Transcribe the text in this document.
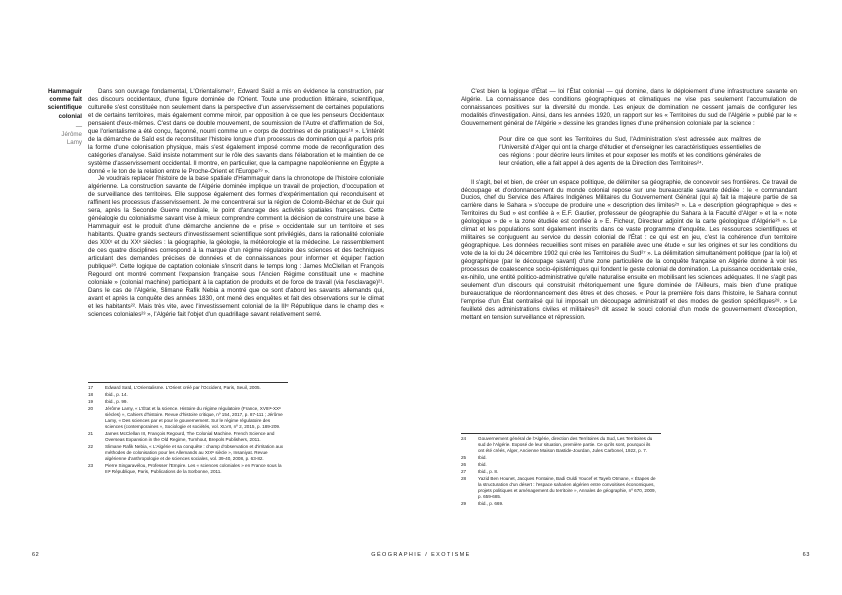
Hammaguir comme fait scientifique colonial
—
Jérôme
Lamy

Dans son ouvrage fondamental, L'Orientalisme¹⁷, Edward Saïd a mis en évidence la construction, par des discours occidentaux, d'une figure dominée de l'Orient. Toute une production littéraire, scientifique, culturelle s'est constituée non seulement dans la perspective d'un asservissement de certaines populations et de certains territoires, mais également comme miroir, par opposition à ce que les penseurs Occidentaux pensaient d'eux-mêmes. C'est dans ce double mouvement, de soumission de l'Autre et d'affirmation de Soi, que l'orientalisme a été conçu, façonné, nourri comme un « corps de doctrines et de pratiques¹⁸ ». L'intérêt de la démarche de Saïd est de reconstituer l'histoire longue d'un processus de domination qui a parfois pris la forme d'une colonisation physique, mais s'est également imposé comme mode de reconfiguration des catégories d'analyse. Saïd insiste notamment sur le rôle des savants dans l'élaboration et le maintien de ce système d'asservissement occidental. Il montre, en particulier, que la campagne napoléonienne en Égypte a donné « le ton de la relation entre le Proche-Orient et l'Europe¹⁹ ».

Je voudrais replacer l'histoire de la base spatiale d'Hammaguir dans la chronotope de l'histoire coloniale algérienne. La construction savante de l'Algérie dominée implique un travail de projection, d'occupation et de surveillance des territoires. Elle suppose également des formes d'expérimentation qui reconduisent et raffinent les processus d'asservissement. Je me concentrerai sur la région de Colomb-Béchar et de Guir qui sera, après la Seconde Guerre mondiale, le point d'ancrage des activités spatiales françaises. Cette généalogie du colonialisme savant vise à mieux comprendre comment la décision de construire une base à Hammaguir est le produit d'une démarche ancienne de « prise » occidentale sur un territoire et ses habitants. Quatre grands secteurs d'investissement scientifique sont privilégiés, dans la rationalité coloniale des XIXᵉ et du XXᵉ siècles : la géographie, la géologie, la météorologie et la médecine. Le rassemblement de ces quatre disciplines correspond à la marque d'un régime régulatoire des sciences et des techniques articulant des demandes précises de données et de connaissances pour informer et équiper l'action publique²⁰. Cette logique de captation coloniale s'inscrit dans le temps long : James McClellan et François Regourd ont montré comment l'expansion française sous l'Ancien Régime constituait une « machine coloniale » (colonial machine) participant à la captation de produits et de force de travail (via l'esclavage)²¹. Dans le cas de l'Algérie, Slimane Rafik Nebia a montré que ce sont d'abord les savants allemands qui, avant et après la conquête des années 1830, ont mené des enquêtes et fait des observations sur le climat et les habitants²². Mais très vite, avec l'investissement colonial de la IIIᵉ République dans le champ des « sciences coloniales²³ », l'Algérie fait l'objet d'un quadrillage savant relativement serré.

17	Edward Saïd, L'Orientalisme. L'Orient créé par l'Occident, Paris, Seuil, 2005.
18	Ibid., p. 14.
19	Ibid., p. 99.
20	Jérôme Lamy, « L'État et la science. Histoire du régime régulatoire (France, XVIIIᵉ-XXᵉ siècles) », Cahiers d'histoire. Revue d'histoire critique, nº 154, 2017, p. 87-111 ; Jérôme Lamy, « Des sciences par et pour le gouvernement. Sur le régime régulatoire des sciences (contemporaines », Sociologie et sociétés, vol. XLVII, nº 2, 2015, p. 189-209.
21	James McClellan III, François Regourd, The Colonial Machine. French Science and Overseas Expansion in the Old Regime, Turnhout, Brepols Publishers, 2011.
22	Slimane Rafik Nebia, « L'Algérie et sa conquête : champ d'observation et d'irritation aux méthodes de colonisation pour les Allemands au XIXᵉ siècle », Insaniyat. Revue algérienne d'anthropologie et de sciences sociales, vol. 39-40, 2008, p. 63-82.
23	Pierre Singaravélou, Professer l'Empire. Les « sciences coloniales » en France sous la IIIᵉ République, Paris, Publications de la Sorbonne, 2011.
62	GÉOGRAPHIE / EXOTISME

C'est bien la logique d'État — loi l'État colonial — qui domine, dans le déploiement d'une infrastructure savante en Algérie. La connaissance des conditions géographiques et climatiques ne vise pas seulement l'accumulation de connaissances positives sur la diversité du monde. Les enjeux de domination ne cessent jamais de configurer les modalités d'investigation. Ainsi, dans les années 1920, un rapport sur les « Territoires du sud de l'Algérie » publié par le « Gouvernement général de l'Algérie » dessine les grandes lignes d'une préhension coloniale par la science :

Pour dire ce que sont les Territoires du Sud, l'Administration s'est adressée aux maîtres de l'Université d'Alger qui ont la charge d'étudier et d'enseigner les caractéristiques essentielles de ces régions : pour décrire leurs limites et pour exposer les motifs et les conditions générales de leur création, elle a fait appel à des agents de la Direction des Territoires²⁴.

Il s'agit, bel et bien, de créer un espace politique, de délimiter sa géographie, de concevoir ses frontières. Ce travail de découpage et d'ordonnancement du monde colonial repose sur une bureaucratie savante dédiée : le « commandant Ducios, chef du Service des Affaires Indigènes Militaires du Gouvernement Général (qui a) fait la majeure partie de sa carrière dans le Sahara » s'occupe de produire une « description des limites²⁵ ». La « description géographique » des « Territoires du Sud » est confiée à « E.F. Gautier, professeur de géographie du Sahara à la Faculté d'Alger » et la « note géologique » de « la zone étudiée est confiée à » E. Ficheur, Directeur adjoint de la carte géologique d'Algérie²⁶ ». Le climat et les populations sont également inscrits dans ce vaste programme d'enquête. Les ressources scientifiques et militaires se conjuguent au service du dessin colonial de l'État : ce qui est en jeu, c'est la cohérence d'un territoire géographique. Les données recueillies sont mises en parallèle avec une étude « sur les origines et sur les conditions du vote de la loi du 24 décembre 1902 qui crée les Territoires du Sud²⁷ ». La délimitation simultanément politique (par la loi) et géographique (par le découpage savant) d'une zone particulière de la conquête française en Algérie donne à voir les processus de coalescence socio-épistémiques qui fondent le geste colonial de domination. La puissance occidentale crée, ex-nihilo, une entité politico-administrative qu'elle naturalise ensuite en mobilisant les sciences adéquates. Il ne s'agit pas seulement d'un discours qui construisit rhétoriquement une figure dominée de l'Ailleurs, mais bien d'une pratique bureaucratique de réordonnancement des êtres et des choses. « Pour la première fois dans l'histoire, le Sahara connut l'emprise d'un État centralisé qui lui imposait un découpage administratif et des modes de gestion spécifiques²⁸. » Le feuilleté des administrations civiles et militaires²⁹ dit assez le souci colonial d'un mode de gouvernement d'exception, mettant en tension surveillance et répression.

24	Gouvernement général de l'Algérie, direction des Territoires du Sud, Les Territoires du sud de l'Algérie. Exposé de leur situation, première partie. Ce qu'ils sont, pourquoi ils ont été créés, Alger, Ancienne Maison Bastide-Jourdan, Jules Carbonel, 1922, p. 7.
25	Ibid.
26	Ibid.
27	Ibid., p. 8.
28	Yazid Ben Hounet, Jacques Fontaine, Badi Ouldi Youcef et Tayeb Otmane, « Étapes de la structuration d'un désert : l'espace saharien algérien entre convoitises économiques, projets politiques et aménagement du territoire », Annales de géographie, nº 670, 2009, p. 659-685.
29	Ibid., p. 669.
63
